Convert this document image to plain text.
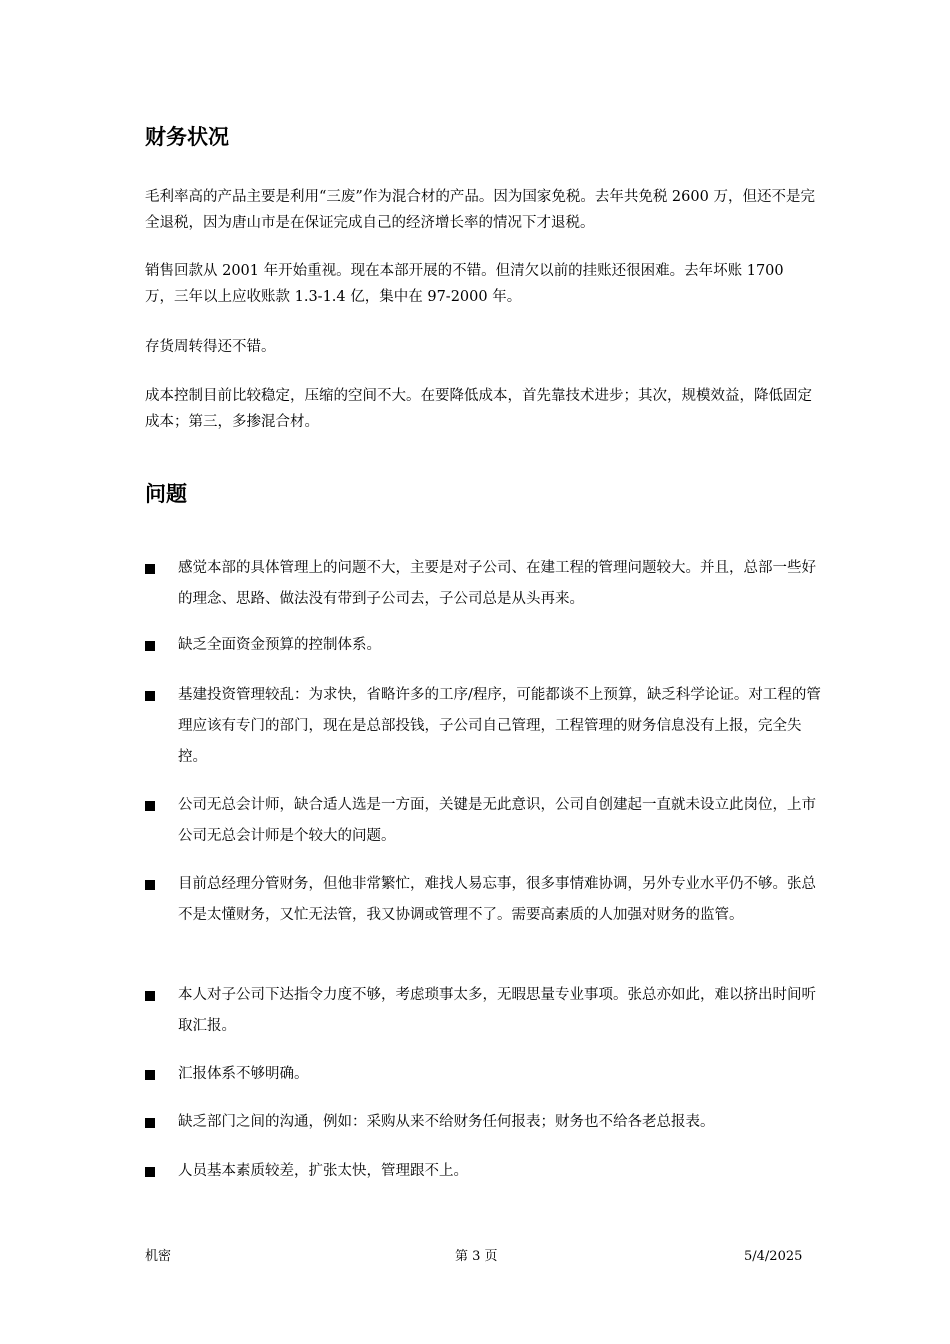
财务状况

毛利率高的产品主要是利用“三废”作为混合材的产品。因为国家免税。去年共免税 2600 万，但还不是完全退税，因为唐山市是在保证完成自己的经济增长率的情况下才退税。

销售回款从 2001 年开始重视。现在本部开展的不错。但清欠以前的挂账还很困难。去年坏账 1700 万，三年以上应收账款 1.3-1.4 亿，集中在 97-2000 年。

存货周转得还不错。

成本控制目前比较稳定，压缩的空间不大。在要降低成本，首先靠技术进步；其次，规模效益，降低固定成本；第三，多掺混合材。

问题

感觉本部的具体管理上的问题不大，主要是对子公司、在建工程的管理问题较大。并且，总部一些好的理念、思路、做法没有带到子公司去，子公司总是从头再来。

缺乏全面资金预算的控制体系。

基建投资管理较乱：为求快，省略许多的工序/程序，可能都谈不上预算，缺乏科学论证。对工程的管理应该有专门的部门，现在是总部投钱，子公司自己管理，工程管理的财务信息没有上报，完全失控。

公司无总会计师，缺合适人选是一方面，关键是无此意识，公司自创建起一直就未设立此岗位，上市公司无总会计师是个较大的问题。

目前总经理分管财务，但他非常繁忙，难找人易忘事，很多事情难协调，另外专业水平仍不够。张总不是太懂财务，又忙无法管，我又协调或管理不了。需要高素质的人加强对财务的监管。

本人对子公司下达指令力度不够，考虑琐事太多，无暇思量专业事项。张总亦如此，难以挤出时间听取汇报。

汇报体系不够明确。

缺乏部门之间的沟通，例如：采购从来不给财务任何报表；财务也不给各老总报表。

人员基本素质较差，扩张太快，管理跟不上。

机密	第 3 页	5/4/2025
